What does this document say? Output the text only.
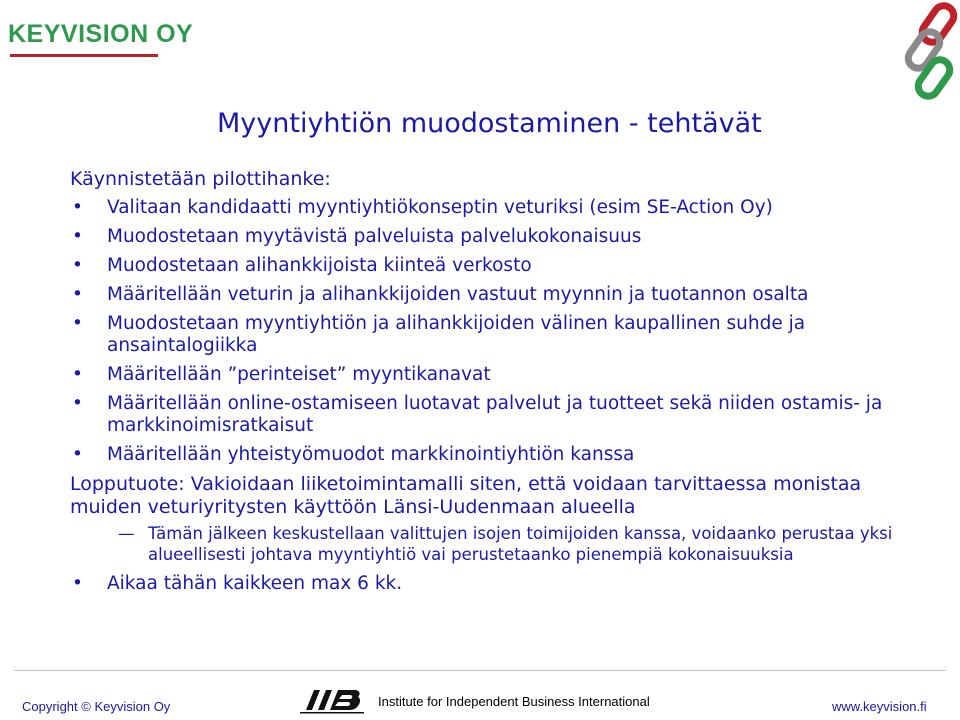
KEYVISION OY
Myyntiyhtiön muodostaminen - tehtävät
Käynnistetään pilottihanke:
• Valitaan kandidaatti myyntiyhtiökonseptin veturiksi (esim SE-Action Oy)
• Muodostetaan myytävistä palveluista palvelukokonaisuus
• Muodostetaan alihankkijoista kiinteä verkosto
• Määritellään veturin ja alihankkijoiden vastuut myynnin ja tuotannon osalta
• Muodostetaan myyntiyhtiön ja alihankkijoiden välinen kaupallinen suhde ja ansaintalogiikka
• Määritellään ”perinteiset” myyntikanavat
• Määritellään online-ostamiseen luotavat palvelut ja tuotteet sekä niiden ostamis- ja markkinoimisratkaisut
• Määritellään yhteistyömuodot markkinointiyhtiön kanssa
Lopputuote: Vakioidaan liiketoimintamalli siten, että voidaan tarvittaessa monistaa muiden veturiyritysten käyttöön Länsi-Uudenmaan alueella
— Tämän jälkeen keskustellaan valittujen isojen toimijoiden kanssa, voidaanko perustaa yksi alueellisesti johtava myyntiyhtiö vai perustetaanko pienempiä kokonaisuuksia
• Aikaa tähän kaikkeen max 6 kk.
Copyright © Keyvision Oy	Institute for Independent Business International	www.keyvision.fi
